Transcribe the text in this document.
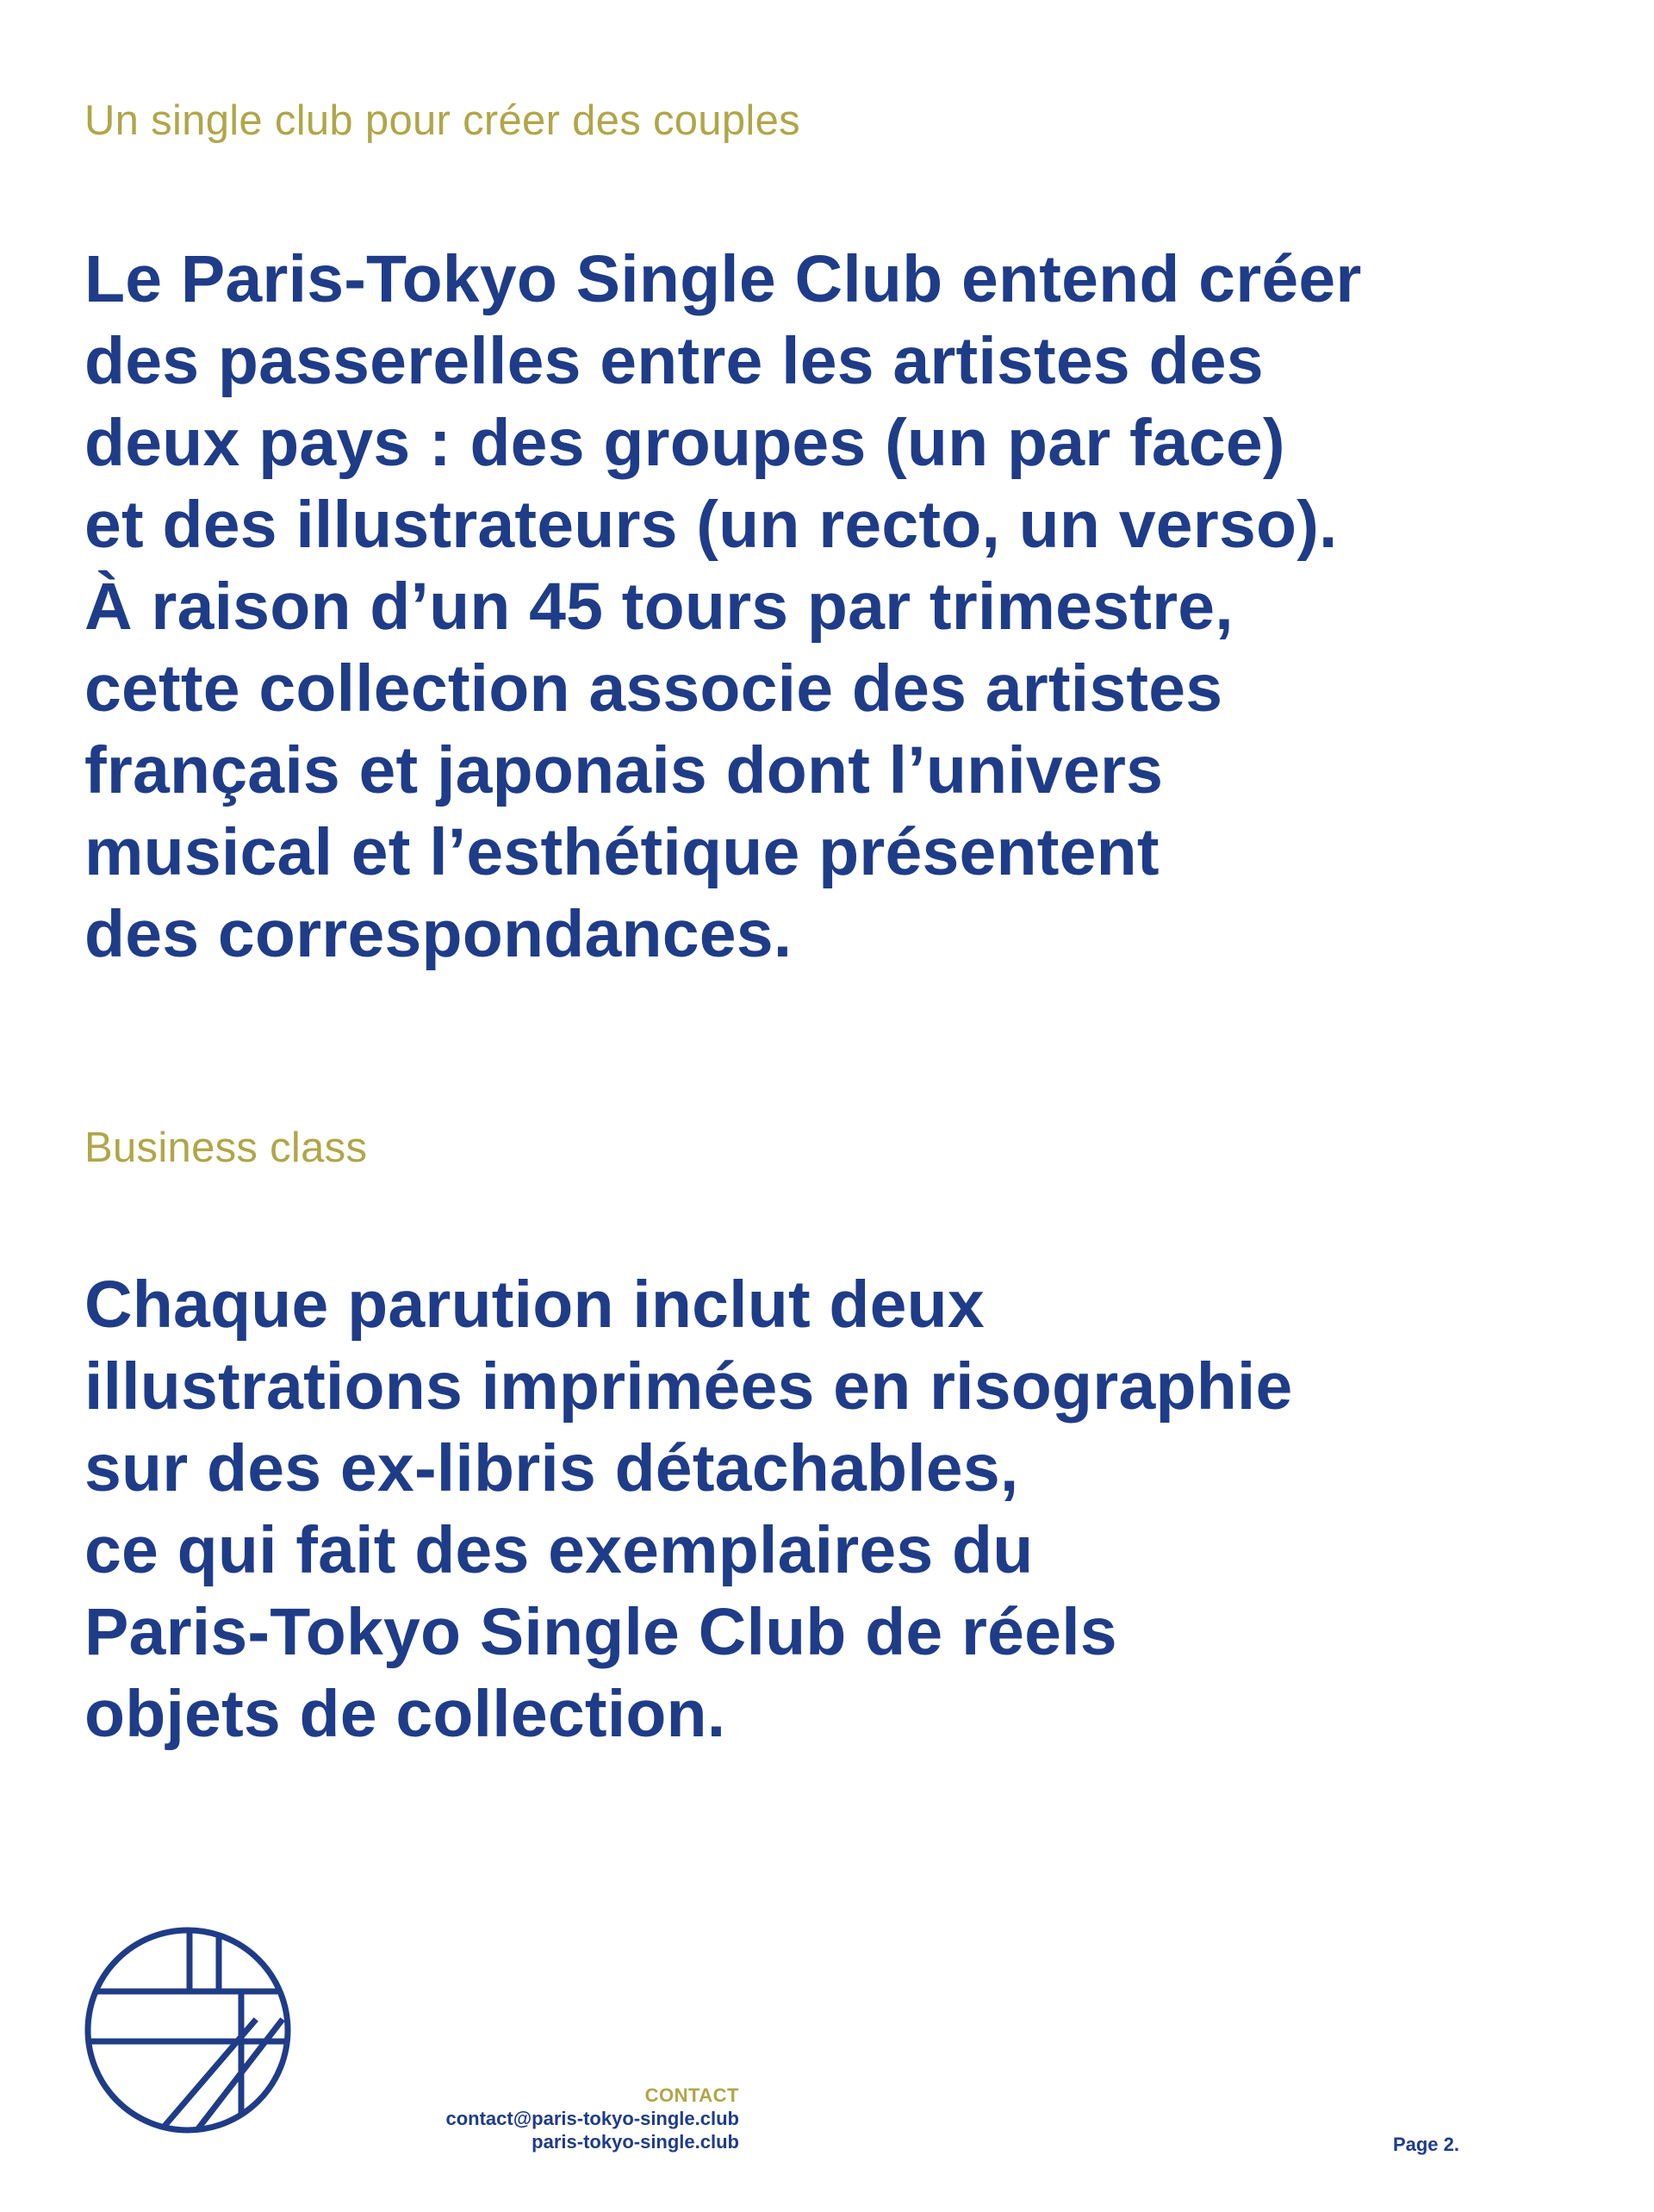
Un single club pour créer des couples
Le Paris-Tokyo Single Club entend créer
des passerelles entre les artistes des
deux pays : des groupes (un par face)
et des illustrateurs (un recto, un verso).
À raison d’un 45 tours par trimestre,
cette collection associe des artistes
français et japonais dont l’univers
musical et l’esthétique présentent
des correspondances.
Business class
Chaque parution inclut deux
illustrations imprimées en risographie
sur des ex-libris détachables,
ce qui fait des exemplaires du
Paris-Tokyo Single Club de réels
objets de collection.
CONTACT
contact@paris-tokyo-single.club
paris-tokyo-single.club	Page 2.
